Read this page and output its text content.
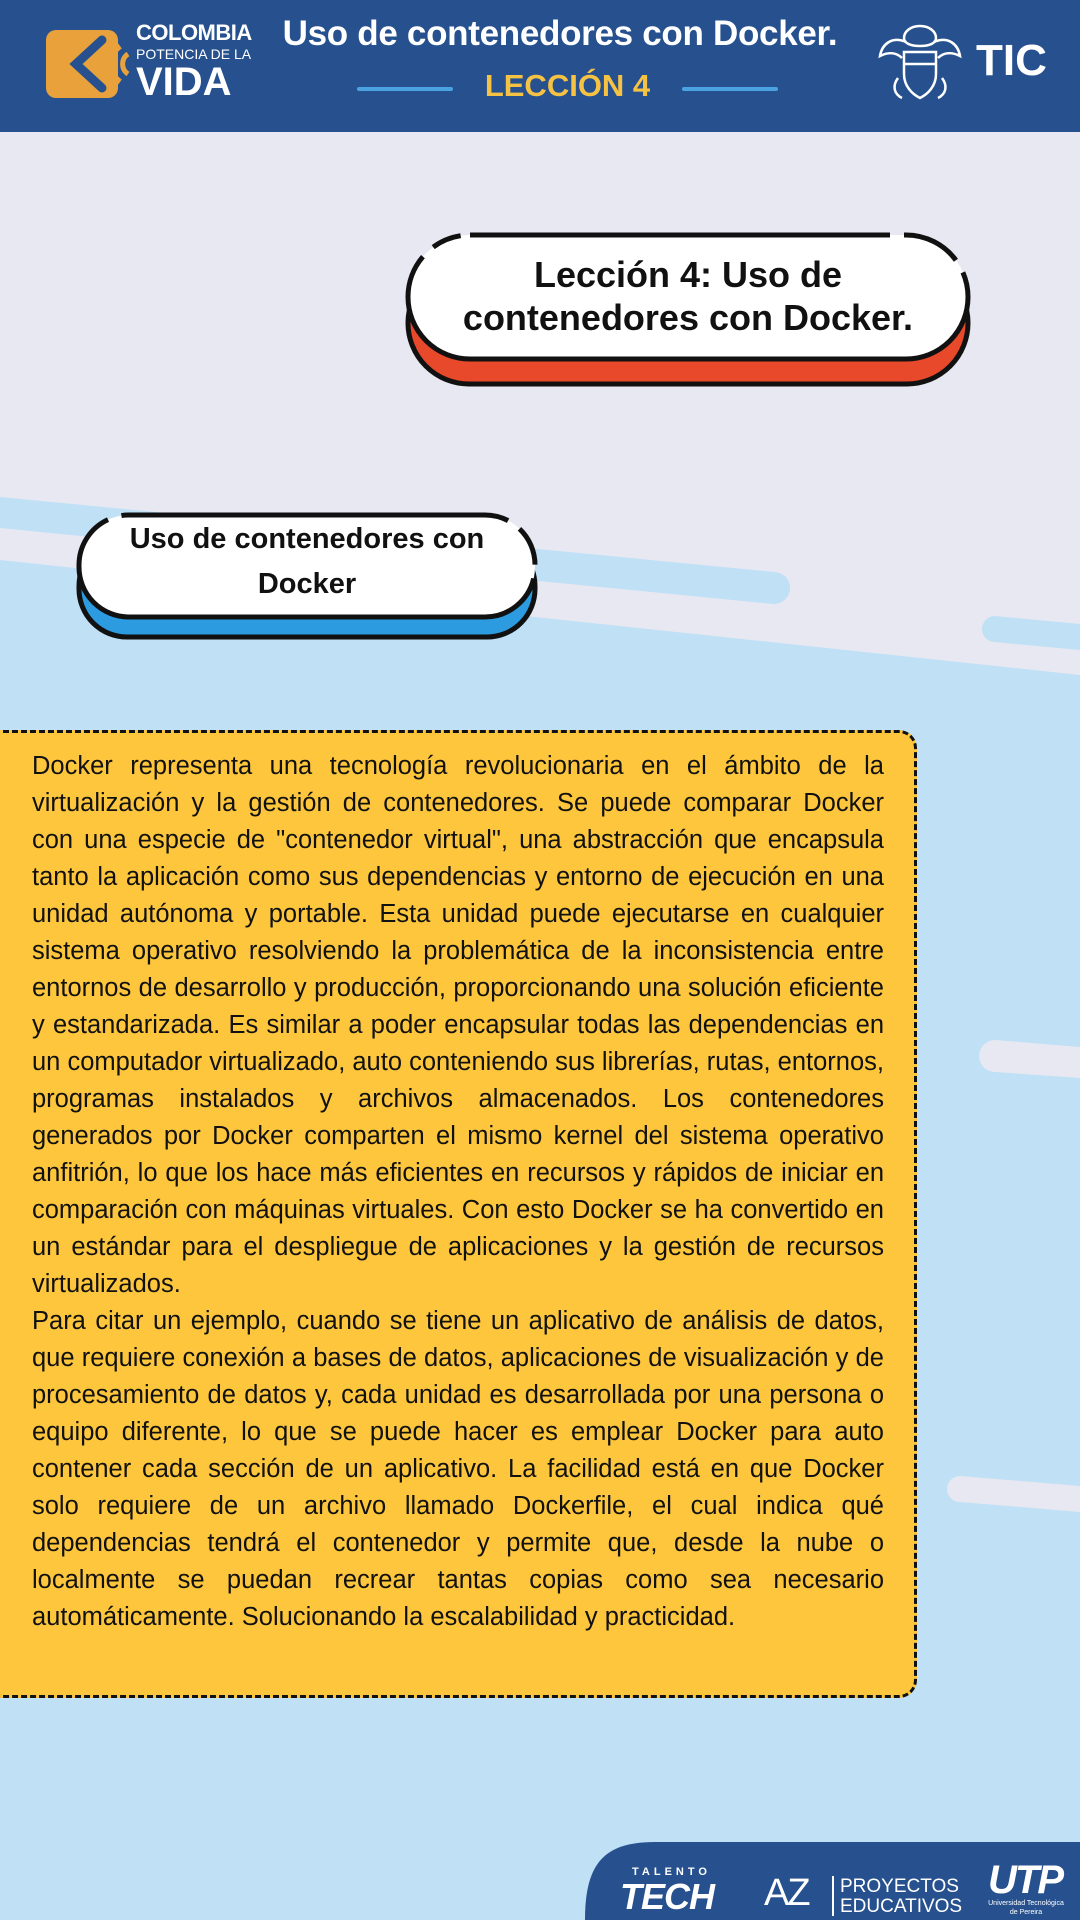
COLOMBIA
POTENCIA DE LA
VIDA
Uso de contenedores con Docker.
LECCIÓN 4
TIC
Lección 4: Uso de contenedores con Docker.
Uso de contenedores con Docker
Docker representa una tecnología revolucionaria en el ámbito de la virtualización y la gestión de contenedores. Se puede comparar Docker con una especie de "contenedor virtual", una abstracción que encapsula tanto la aplicación como sus dependencias y entorno de ejecución en una unidad autónoma y portable. Esta unidad puede ejecutarse en cualquier sistema operativo resolviendo la problemática de la inconsistencia entre entornos de desarrollo y producción, proporcionando una solución eficiente y estandarizada. Es similar a poder encapsular todas las dependencias en un computador virtualizado, auto conteniendo sus librerías, rutas, entornos, programas instalados y archivos almacenados. Los contenedores generados por Docker comparten el mismo kernel del sistema operativo anfitrión, lo que los hace más eficientes en recursos y rápidos de iniciar en comparación con máquinas virtuales. Con esto Docker se ha convertido en un estándar para el despliegue de aplicaciones y la gestión de recursos virtualizados.
Para citar un ejemplo, cuando se tiene un aplicativo de análisis de datos, que requiere conexión a bases de datos, aplicaciones de visualización y de procesamiento de datos y, cada unidad es desarrollada por una persona o equipo diferente, lo que se puede hacer es emplear Docker para auto contener cada sección de un aplicativo. La facilidad está en que Docker solo requiere de un archivo llamado Dockerfile, el cual indica qué dependencias tendrá el contenedor y permite que, desde la nube o localmente se puedan recrear tantas copias como sea necesario automáticamente. Solucionando la escalabilidad y practicidad.
TALENTO
TECH AZ PROYECTOS
EDUCATIVOS
UTP
Universidad Tecnológica
de Pereira
